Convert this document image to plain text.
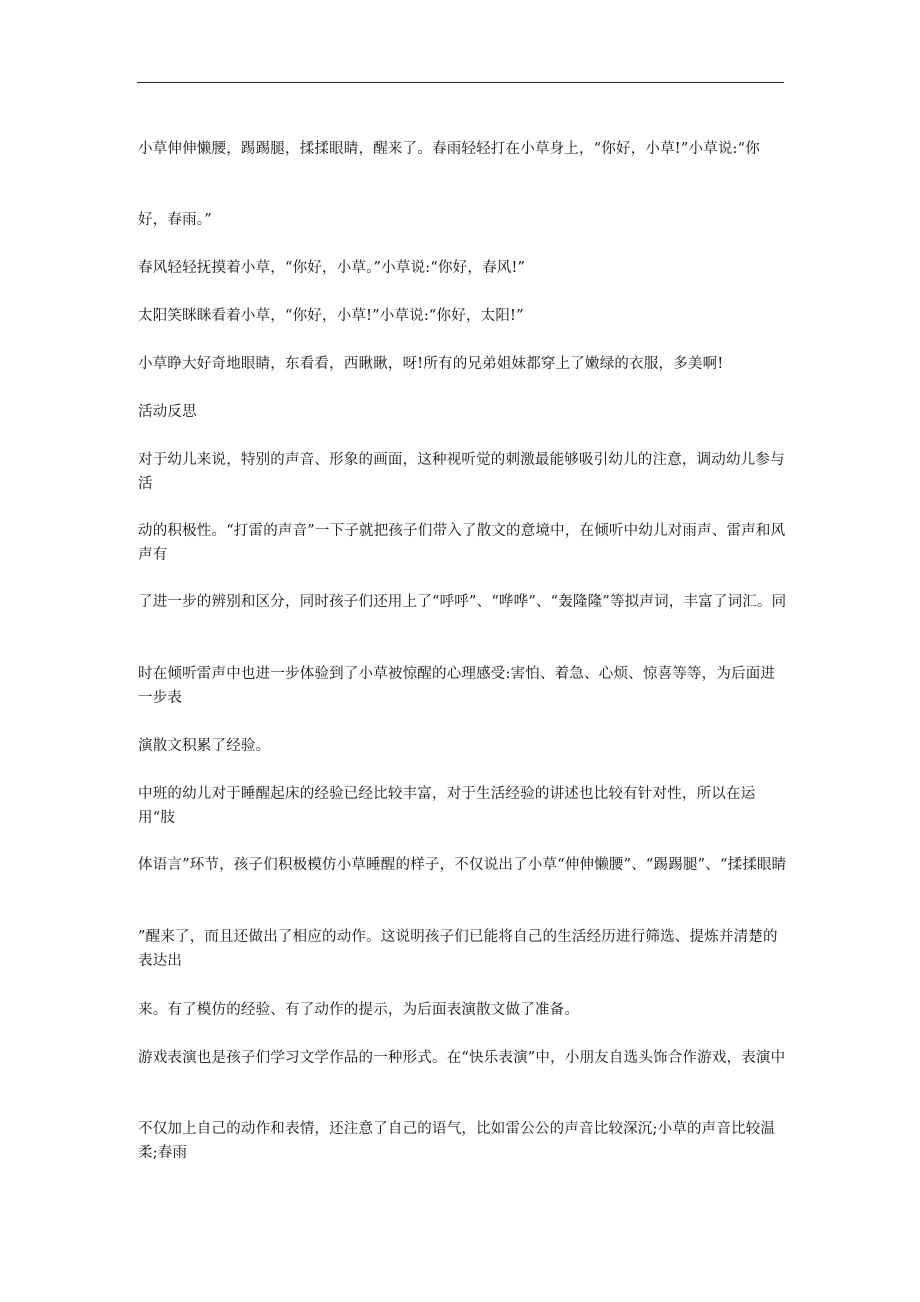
小草伸伸懒腰，踢踢腿，揉揉眼睛，醒来了。春雨轻轻打在小草身上，“你好，小草!”小草说:“你

好，春雨。”

春风轻轻抚摸着小草，“你好，小草。”小草说:“你好，春风!”

太阳笑眯眯看着小草，“你好，小草!”小草说:“你好，太阳!”

小草睁大好奇地眼睛，东看看，西瞅瞅，呀!所有的兄弟姐妹都穿上了嫩绿的衣服，多美啊!

活动反思

对于幼儿来说，特别的声音、形象的画面，这种视听觉的刺激最能够吸引幼儿的注意，调动幼儿参与活

动的积极性。“打雷的声音”一下子就把孩子们带入了散文的意境中，在倾听中幼儿对雨声、雷声和风声有

了进一步的辨别和区分，同时孩子们还用上了“呼呼”、“哗哗”、“轰隆隆”等拟声词，丰富了词汇。同

时在倾听雷声中也进一步体验到了小草被惊醒的心理感受:害怕、着急、心烦、惊喜等等，为后面进一步表

演散文积累了经验。

中班的幼儿对于睡醒起床的经验已经比较丰富，对于生活经验的讲述也比较有针对性，所以在运用“肢

体语言”环节，孩子们积极模仿小草睡醒的样子，不仅说出了小草“伸伸懒腰”、“踢踢腿”、“揉揉眼睛

”醒来了，而且还做出了相应的动作。这说明孩子们已能将自己的生活经历进行筛选、提炼并清楚的表达出

来。有了模仿的经验、有了动作的提示，为后面表演散文做了准备。

游戏表演也是孩子们学习文学作品的一种形式。在“快乐表演”中，小朋友自选头饰合作游戏，表演中

不仅加上自己的动作和表情，还注意了自己的语气，比如雷公公的声音比较深沉;小草的声音比较温柔;春雨
